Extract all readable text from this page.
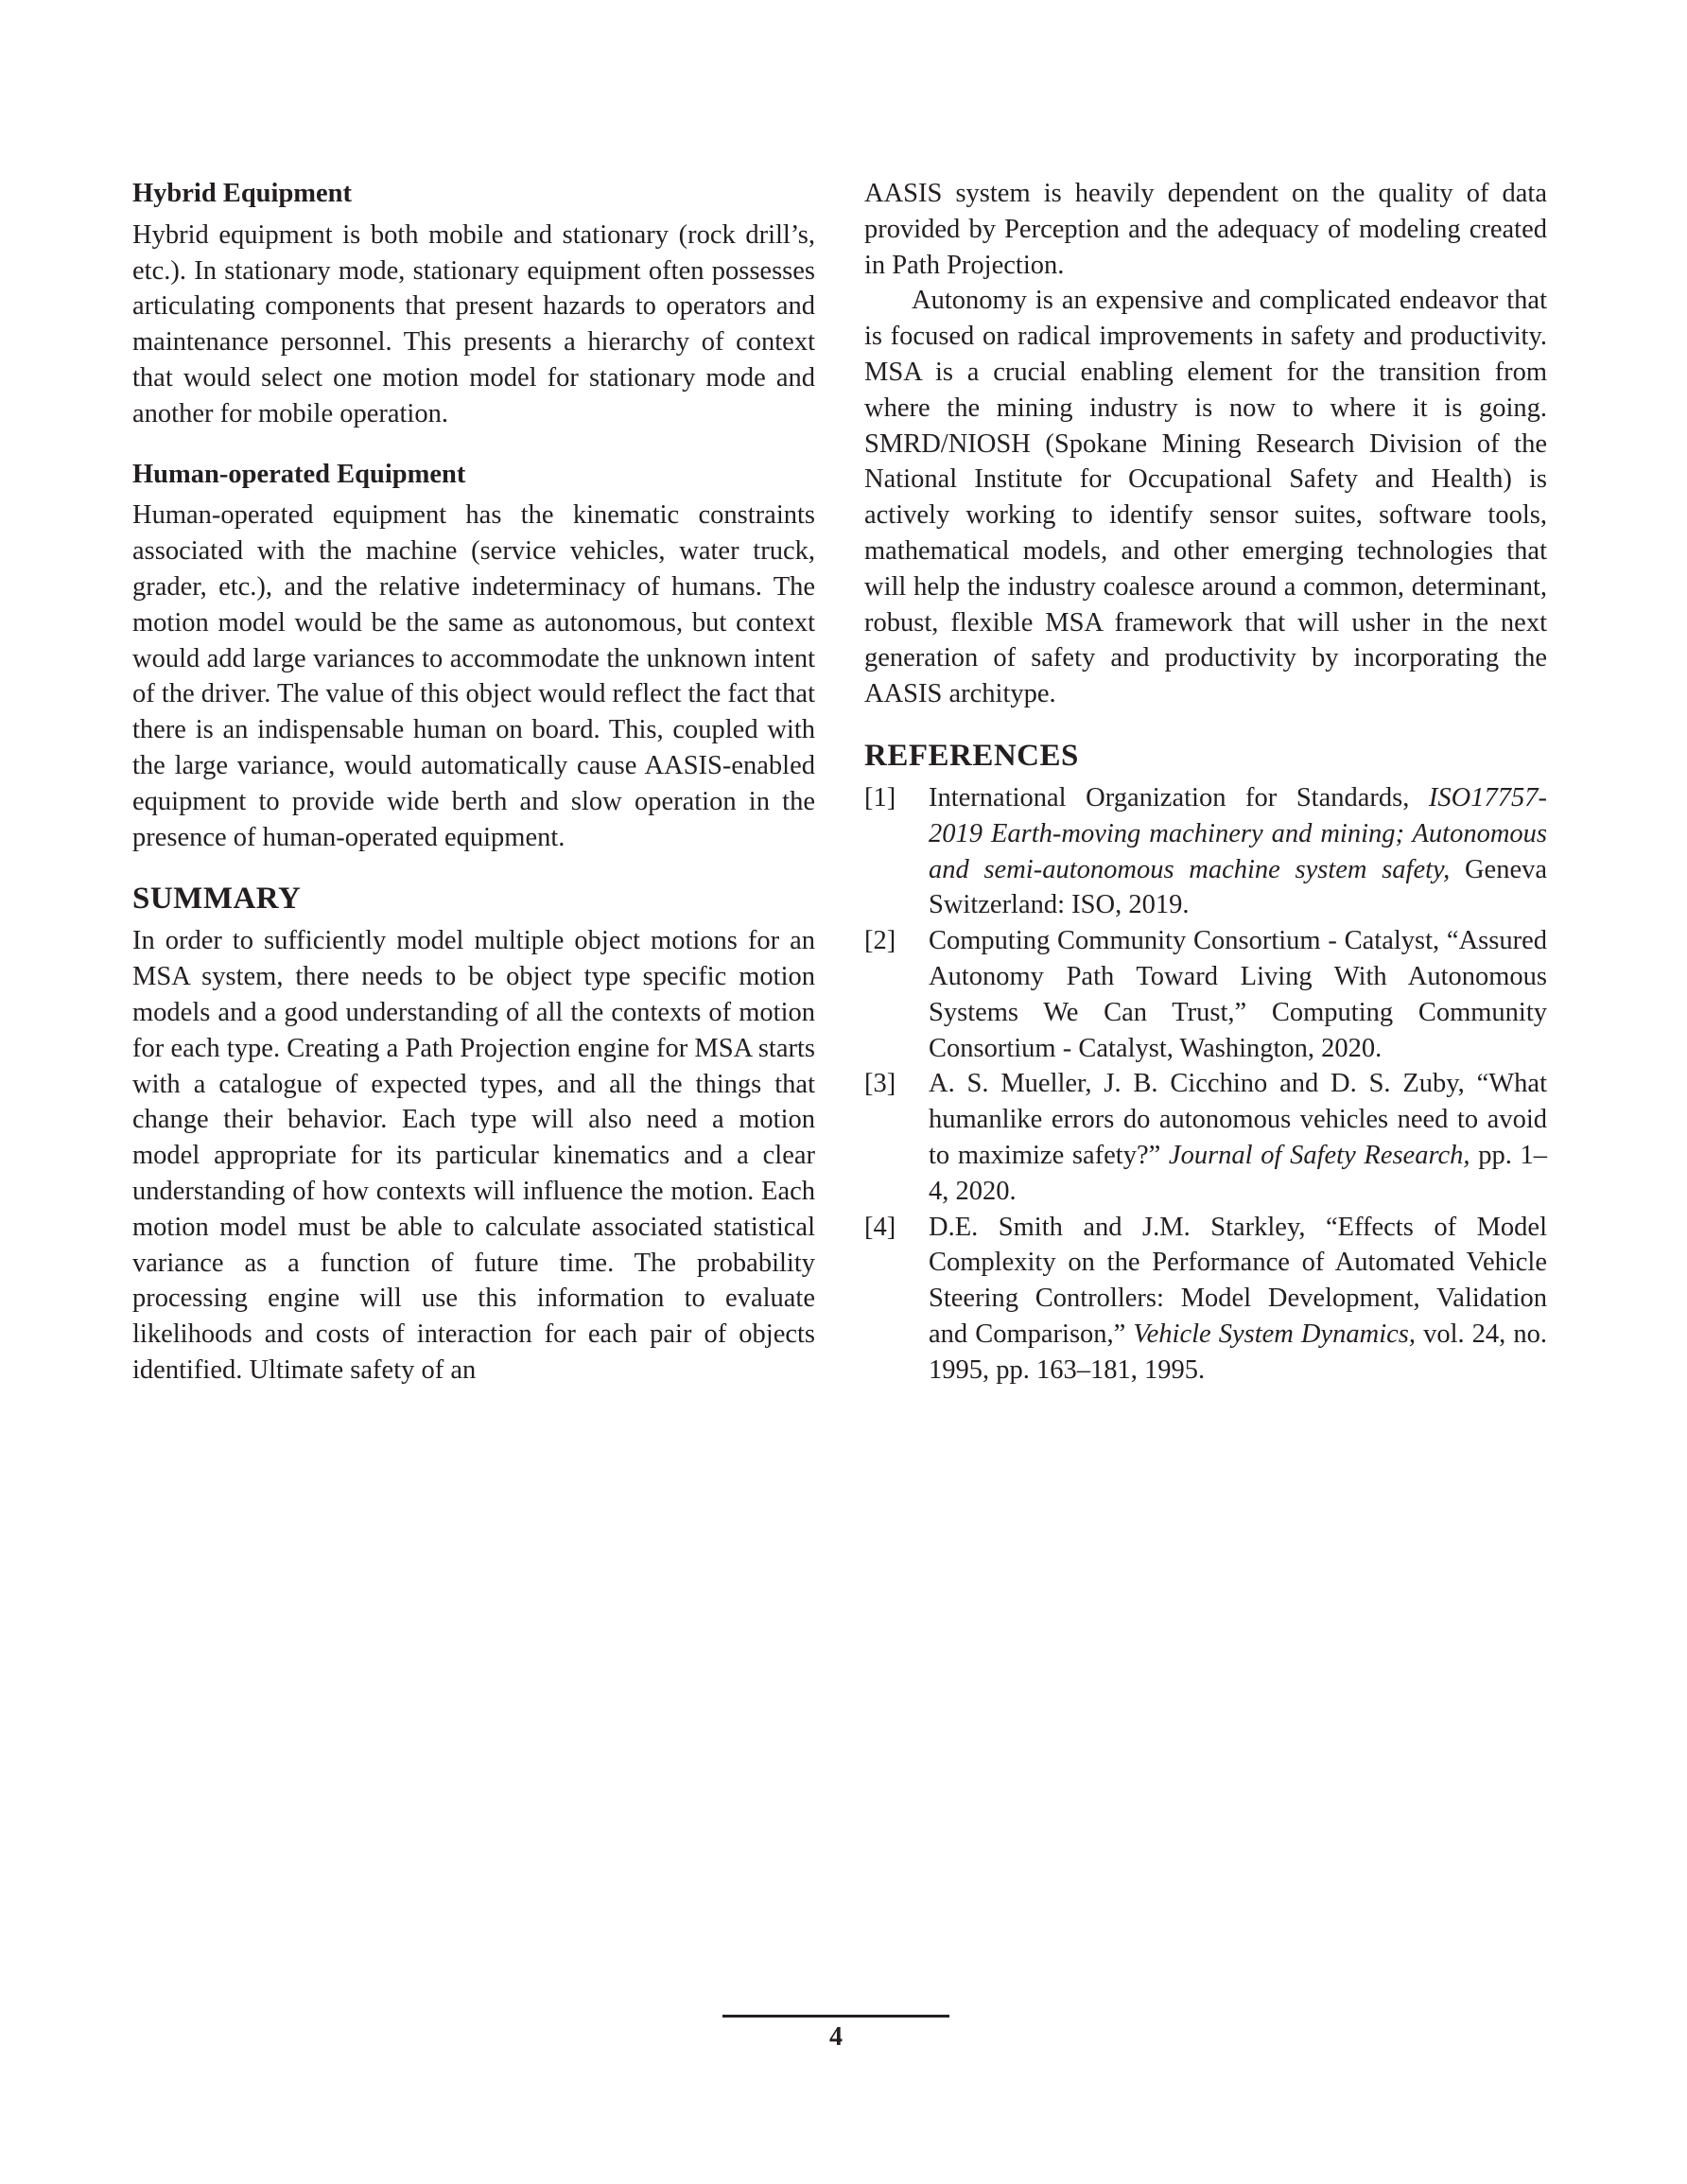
Hybrid Equipment

Hybrid equipment is both mobile and stationary (rock drill’s, etc.). In stationary mode, stationary equipment often possesses articulating components that present hazards to operators and maintenance personnel. This presents a hierarchy of context that would select one motion model for stationary mode and another for mobile operation.

Human-operated Equipment

Human-operated equipment has the kinematic constraints associated with the machine (service vehicles, water truck, grader, etc.), and the relative indeterminacy of humans. The motion model would be the same as autonomous, but context would add large variances to accommodate the unknown intent of the driver. The value of this object would reflect the fact that there is an indispensable human on board. This, coupled with the large variance, would automatically cause AASIS-enabled equipment to provide wide berth and slow operation in the presence of human-operated equipment.

SUMMARY

In order to sufficiently model multiple object motions for an MSA system, there needs to be object type specific motion models and a good understanding of all the contexts of motion for each type. Creating a Path Projection engine for MSA starts with a catalogue of expected types, and all the things that change their behavior. Each type will also need a motion model appropriate for its particular kinematics and a clear understanding of how contexts will influence the motion. Each motion model must be able to calculate associated statistical variance as a function of future time. The probability processing engine will use this information to evaluate likelihoods and costs of interaction for each pair of objects identified. Ultimate safety of an

AASIS system is heavily dependent on the quality of data provided by Perception and the adequacy of modeling created in Path Projection.

Autonomy is an expensive and complicated endeavor that is focused on radical improvements in safety and productivity. MSA is a crucial enabling element for the transition from where the mining industry is now to where it is going. SMRD/NIOSH (Spokane Mining Research Division of the National Institute for Occupational Safety and Health) is actively working to identify sensor suites, software tools, mathematical models, and other emerging technologies that will help the industry coalesce around a common, determinant, robust, flexible MSA framework that will usher in the next generation of safety and productivity by incorporating the AASIS architype.

REFERENCES
[1]	International Organization for Standards, ISO17757-2019 Earth-moving machinery and mining; Autonomous and semi-autonomous machine system safety, Geneva Switzerland: ISO, 2019.
[2]	Computing Community Consortium - Catalyst, “Assured Autonomy Path Toward Living With Autonomous Systems We Can Trust,” Computing Community Consortium - Catalyst, Washington, 2020.
[3]	A. S. Mueller, J. B. Cicchino and D. S. Zuby, “What humanlike errors do autonomous vehicles need to avoid to maximize safety?” Journal of Safety Research, pp. 1–4, 2020.
[4]	D.E. Smith and J.M. Starkley, “Effects of Model Complexity on the Performance of Automated Vehicle Steering Controllers: Model Development, Validation and Comparison,” Vehicle System Dynamics, vol. 24, no. 1995, pp. 163–181, 1995.
4
